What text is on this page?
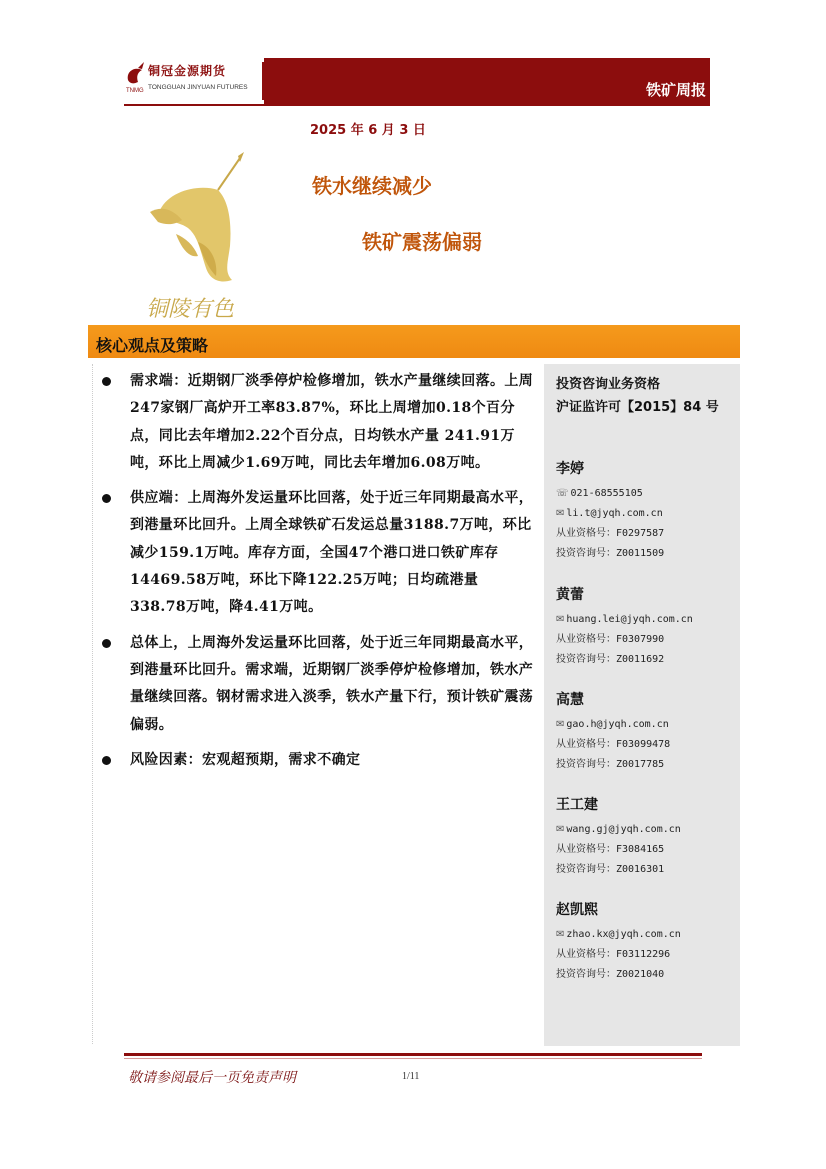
铜冠金源期货
TONGGUAN JINYUAN FUTURES
TNMG	铁矿周报
2025 年 6 月 3 日
铜陵有色
铁水继续减少
铁矿震荡偏弱
核心观点及策略
需求端：近期钢厂淡季停炉检修增加，铁水产量继续回落。上周247家钢厂高炉开工率83.87%，环比上周增加0.18个百分点，同比去年增加2.22个百分点，日均铁水产量 241.91万吨，环比上周减少1.69万吨，同比去年增加6.08万吨。
供应端：上周海外发运量环比回落，处于近三年同期最高水平，到港量环比回升。上周全球铁矿石发运总量3188.7万吨，环比减少159.1万吨。库存方面，全国47个港口进口铁矿库存14469.58万吨，环比下降122.25万吨；日均疏港量338.78万吨，降4.41万吨。
总体上，上周海外发运量环比回落，处于近三年同期最高水平，到港量环比回升。需求端，近期钢厂淡季停炉检修增加，铁水产量继续回落。钢材需求进入淡季，铁水产量下行，预计铁矿震荡偏弱。
风险因素：宏观超预期，需求不确定
投资咨询业务资格
沪证监许可【2015】84 号
李婷
☏ 021-68555105
✉ li.t@jyqh.com.cn
从业资格号：F0297587
投资咨询号：Z0011509
黄蕾
✉ huang.lei@jyqh.com.cn
从业资格号：F0307990
投资咨询号：Z0011692
高慧
✉ gao.h@jyqh.com.cn
从业资格号：F03099478
投资咨询号：Z0017785
王工建
✉ wang.gj@jyqh.com.cn
从业资格号：F3084165
投资咨询号：Z0016301
赵凯熙
✉ zhao.kx@jyqh.com.cn
从业资格号：F03112296
投资咨询号：Z0021040
敬请参阅最后一页免责声明	1/11
